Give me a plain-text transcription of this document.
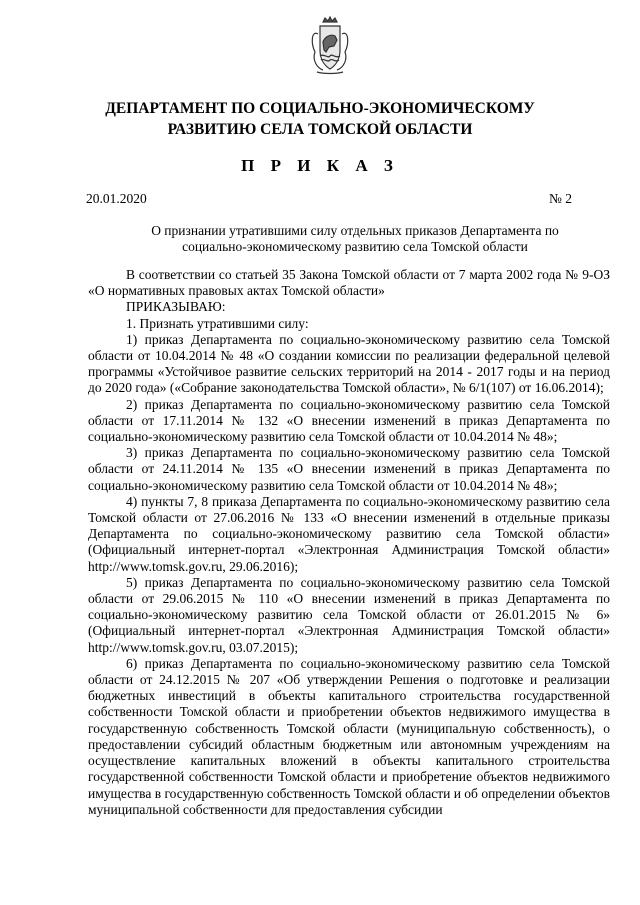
ДЕПАРТАМЕНТ ПО СОЦИАЛЬНО-ЭКОНОМИЧЕСКОМУ
РАЗВИТИЮ СЕЛА ТОМСКОЙ ОБЛАСТИ
П Р И К А З
20.01.2020	№ 2
О признании утратившими силу отдельных приказов Департамента по
социально-экономическому развитию села Томской области

В соответствии со статьей 35 Закона Томской области от 7 марта 2002 года № 9-ОЗ «О нормативных правовых актах Томской области»

ПРИКАЗЫВАЮ:

1. Признать утратившими силу:

1) приказ Департамента по социально-экономическому развитию села Томской области от 10.04.2014 № 48 «О создании комиссии по реализации федеральной целевой программы «Устойчивое развитие сельских территорий на 2014 - 2017 годы и на период до 2020 года» («Собрание законодательства Томской области», № 6/1(107) от 16.06.2014);

2) приказ Департамента по социально-экономическому развитию села Томской области от 17.11.2014 № 132 «О внесении изменений в приказ Департамента по социально-экономическому развитию села Томской области от 10.04.2014 № 48»;

3) приказ Департамента по социально-экономическому развитию села Томской области от 24.11.2014 № 135 «О внесении изменений в приказ Департамента по социально-экономическому развитию села Томской области от 10.04.2014 № 48»;

4) пункты 7, 8 приказа Департамента по социально-экономическому развитию села Томской области от 27.06.2016 № 133 «О внесении изменений в отдельные приказы Департамента по социально-экономическому развитию села Томской области» (Официальный интернет-портал «Электронная Администрация Томской области» http://www.tomsk.gov.ru, 29.06.2016);

5) приказ Департамента по социально-экономическому развитию села Томской области от 29.06.2015 № 110 «О внесении изменений в приказ Департамента по социально-экономическому развитию села Томской области от 26.01.2015 № 6» (Официальный интернет-портал «Электронная Администрация Томской области» http://www.tomsk.gov.ru, 03.07.2015);

6) приказ Департамента по социально-экономическому развитию села Томской области от 24.12.2015 № 207 «Об утверждении Решения о подготовке и реализации бюджетных инвестиций в объекты капитального строительства государственной собственности Томской области и приобретении объектов недвижимого имущества в государственную собственность Томской области (муниципальную собственность), о предоставлении субсидий областным бюджетным или автономным учреждениям на осуществление капитальных вложений в объекты капитального строительства государственной собственности Томской области и приобретение объектов недвижимого имущества в государственную собственность Томской области и об определении объектов муниципальной собственности для предоставления субсидии
